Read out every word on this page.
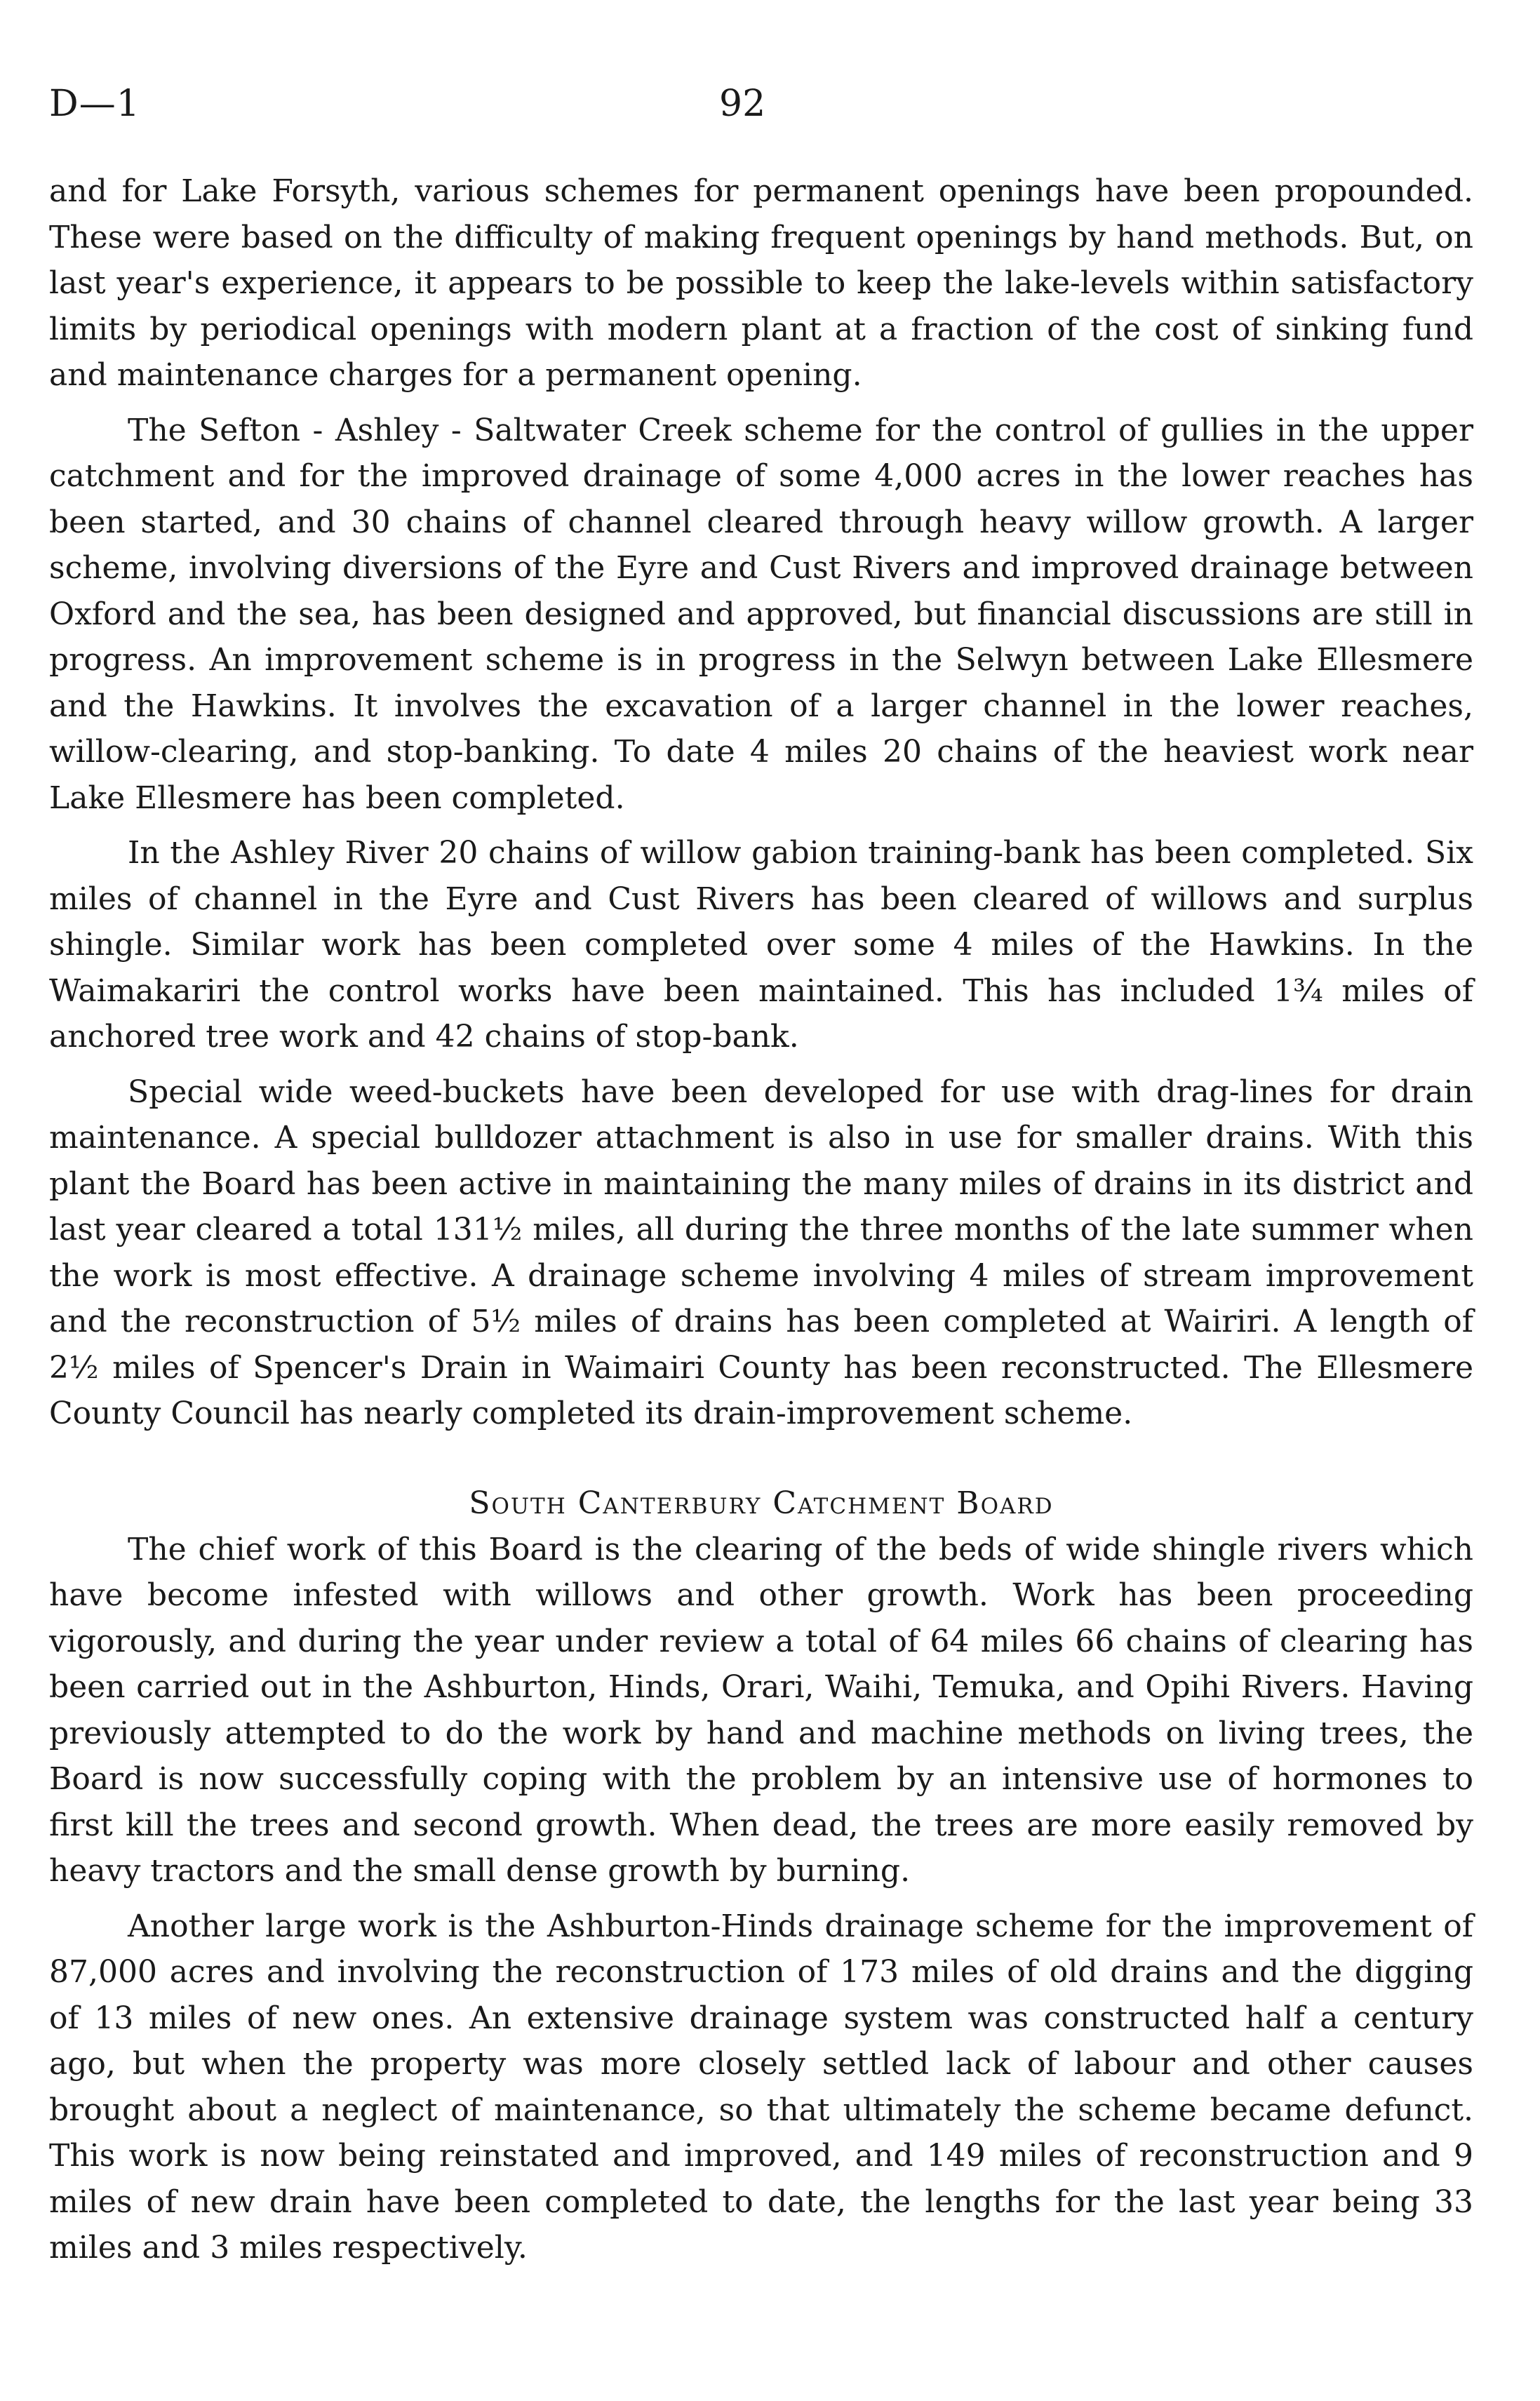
D—1	92

and for Lake Forsyth, various schemes for permanent openings have been propounded. These were based on the difficulty of making frequent openings by hand methods. But, on last year's experience, it appears to be possible to keep the lake-levels within satisfactory limits by periodical openings with modern plant at a fraction of the cost of sinking fund and maintenance charges for a permanent opening.

The Sefton - Ashley - Saltwater Creek scheme for the control of gullies in the upper catchment and for the improved drainage of some 4,000 acres in the lower reaches has been started, and 30 chains of channel cleared through heavy willow growth. A larger scheme, involving diversions of the Eyre and Cust Rivers and improved drainage between Oxford and the sea, has been designed and approved, but financial discussions are still in progress. An improvement scheme is in progress in the Selwyn between Lake Ellesmere and the Hawkins. It involves the excavation of a larger channel in the lower reaches, willow-clearing, and stop-banking. To date 4 miles 20 chains of the heaviest work near Lake Ellesmere has been completed.

In the Ashley River 20 chains of willow gabion training-bank has been completed. Six miles of channel in the Eyre and Cust Rivers has been cleared of willows and surplus shingle. Similar work has been completed over some 4 miles of the Hawkins. In the Waimakariri the control works have been maintained. This has included 1¾ miles of anchored tree work and 42 chains of stop-bank.

Special wide weed-buckets have been developed for use with drag-lines for drain maintenance. A special bulldozer attachment is also in use for smaller drains. With this plant the Board has been active in maintaining the many miles of drains in its district and last year cleared a total 131½ miles, all during the three months of the late summer when the work is most effective. A drainage scheme involving 4 miles of stream improvement and the reconstruction of 5½ miles of drains has been completed at Wairiri. A length of 2½ miles of Spencer's Drain in Waimairi County has been reconstructed. The Ellesmere County Council has nearly completed its drain-improvement scheme.

South Canterbury Catchment Board

The chief work of this Board is the clearing of the beds of wide shingle rivers which have become infested with willows and other growth. Work has been proceeding vigorously, and during the year under review a total of 64 miles 66 chains of clearing has been carried out in the Ashburton, Hinds, Orari, Waihi, Temuka, and Opihi Rivers. Having previously attempted to do the work by hand and machine methods on living trees, the Board is now successfully coping with the problem by an intensive use of hormones to first kill the trees and second growth. When dead, the trees are more easily removed by heavy tractors and the small dense growth by burning.

Another large work is the Ashburton-Hinds drainage scheme for the improvement of 87,000 acres and involving the reconstruction of 173 miles of old drains and the digging of 13 miles of new ones. An extensive drainage system was constructed half a century ago, but when the property was more closely settled lack of labour and other causes brought about a neglect of maintenance, so that ultimately the scheme became defunct. This work is now being reinstated and improved, and 149 miles of reconstruction and 9 miles of new drain have been completed to date, the lengths for the last year being 33 miles and 3 miles respectively.
